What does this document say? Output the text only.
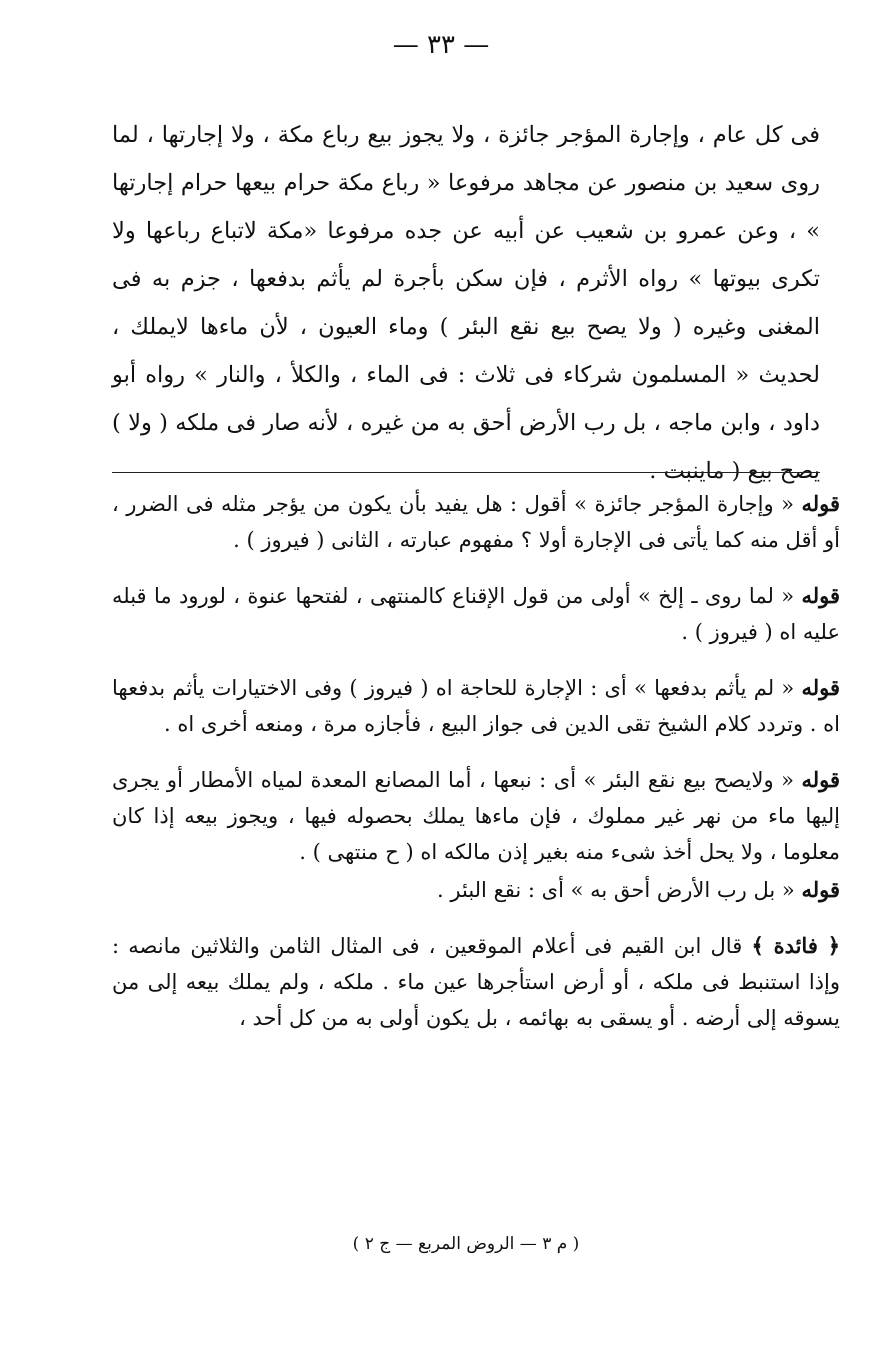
— ٣٣ —

فى كل عام ، وإجارة المؤجر جائزة ، ولا يجوز بيع رباع مكة ، ولا إجارتها ، لما روى سعيد بن منصور عن مجاهد مرفوعا « رباع مكة حرام بيعها حرام إجارتها » ، وعن عمرو بن شعيب عن أبيه عن جده مرفوعا «مكة لاتباع رباعها ولا تكرى بيوتها » رواه الأثرم ، فإن سكن بأجرة لم يأثم بدفعها ، جزم به فى المغنى وغيره ( ولا يصح بيع نقع البئر ) وماء العيون ، لأن ماءها لايملك ، لحديث « المسلمون شركاء فى ثلاث : فى الماء ، والكلأ ، والنار » رواه أبو داود ، وابن ماجه ، بل رب الأرض أحق به من غيره ، لأنه صار فى ملكه ( ولا ) يصح بيع ( ماينبت .

قوله « وإجارة المؤجر جائزة » أقول : هل يفيد بأن يكون من يؤجر مثله فى الضرر ، أو أقل منه كما يأتى فى الإجارة أولا ؟ مفهوم عبارته ، الثانى ( فيروز ) .

قوله « لما روى ـ إلخ » أولى من قول الإقناع كالمنتهى ، لفتحها عنوة ، لورود ما قبله عليه اه ( فيروز ) .

قوله « لم يأثم بدفعها » أى : الإجارة للحاجة اه ( فيروز ) وفى الاختيارات يأثم بدفعها اه . وتردد كلام الشيخ تقى الدين فى جواز البيع ، فأجازه مرة ، ومنعه أخرى اه .

قوله « ولايصح بيع نقع البئر » أى : نبعها ، أما المصانع المعدة لمياه الأمطار أو يجرى إليها ماء من نهر غير مملوك ، فإن ماءها يملك بحصوله فيها ، ويجوز بيعه إذا كان معلوما ، ولا يحل أخذ شىء منه بغير إذن مالكه اه ( ح منتهى ) .

قوله « بل رب الأرض أحق به » أى : نقع البئر .

﴿ فائدة ﴾ قال ابن القيم فى أعلام الموقعين ، فى المثال الثامن والثلاثين مانصه : وإذا استنبط فى ملكه ، أو أرض استأجرها عين ماء . ملكه ، ولم يملك بيعه إلى من يسوقه إلى أرضه . أو يسقى به بهائمه ، بل يكون أولى به من كل أحد ،

( م ٣ — الروض المربع — ج ٢ )
